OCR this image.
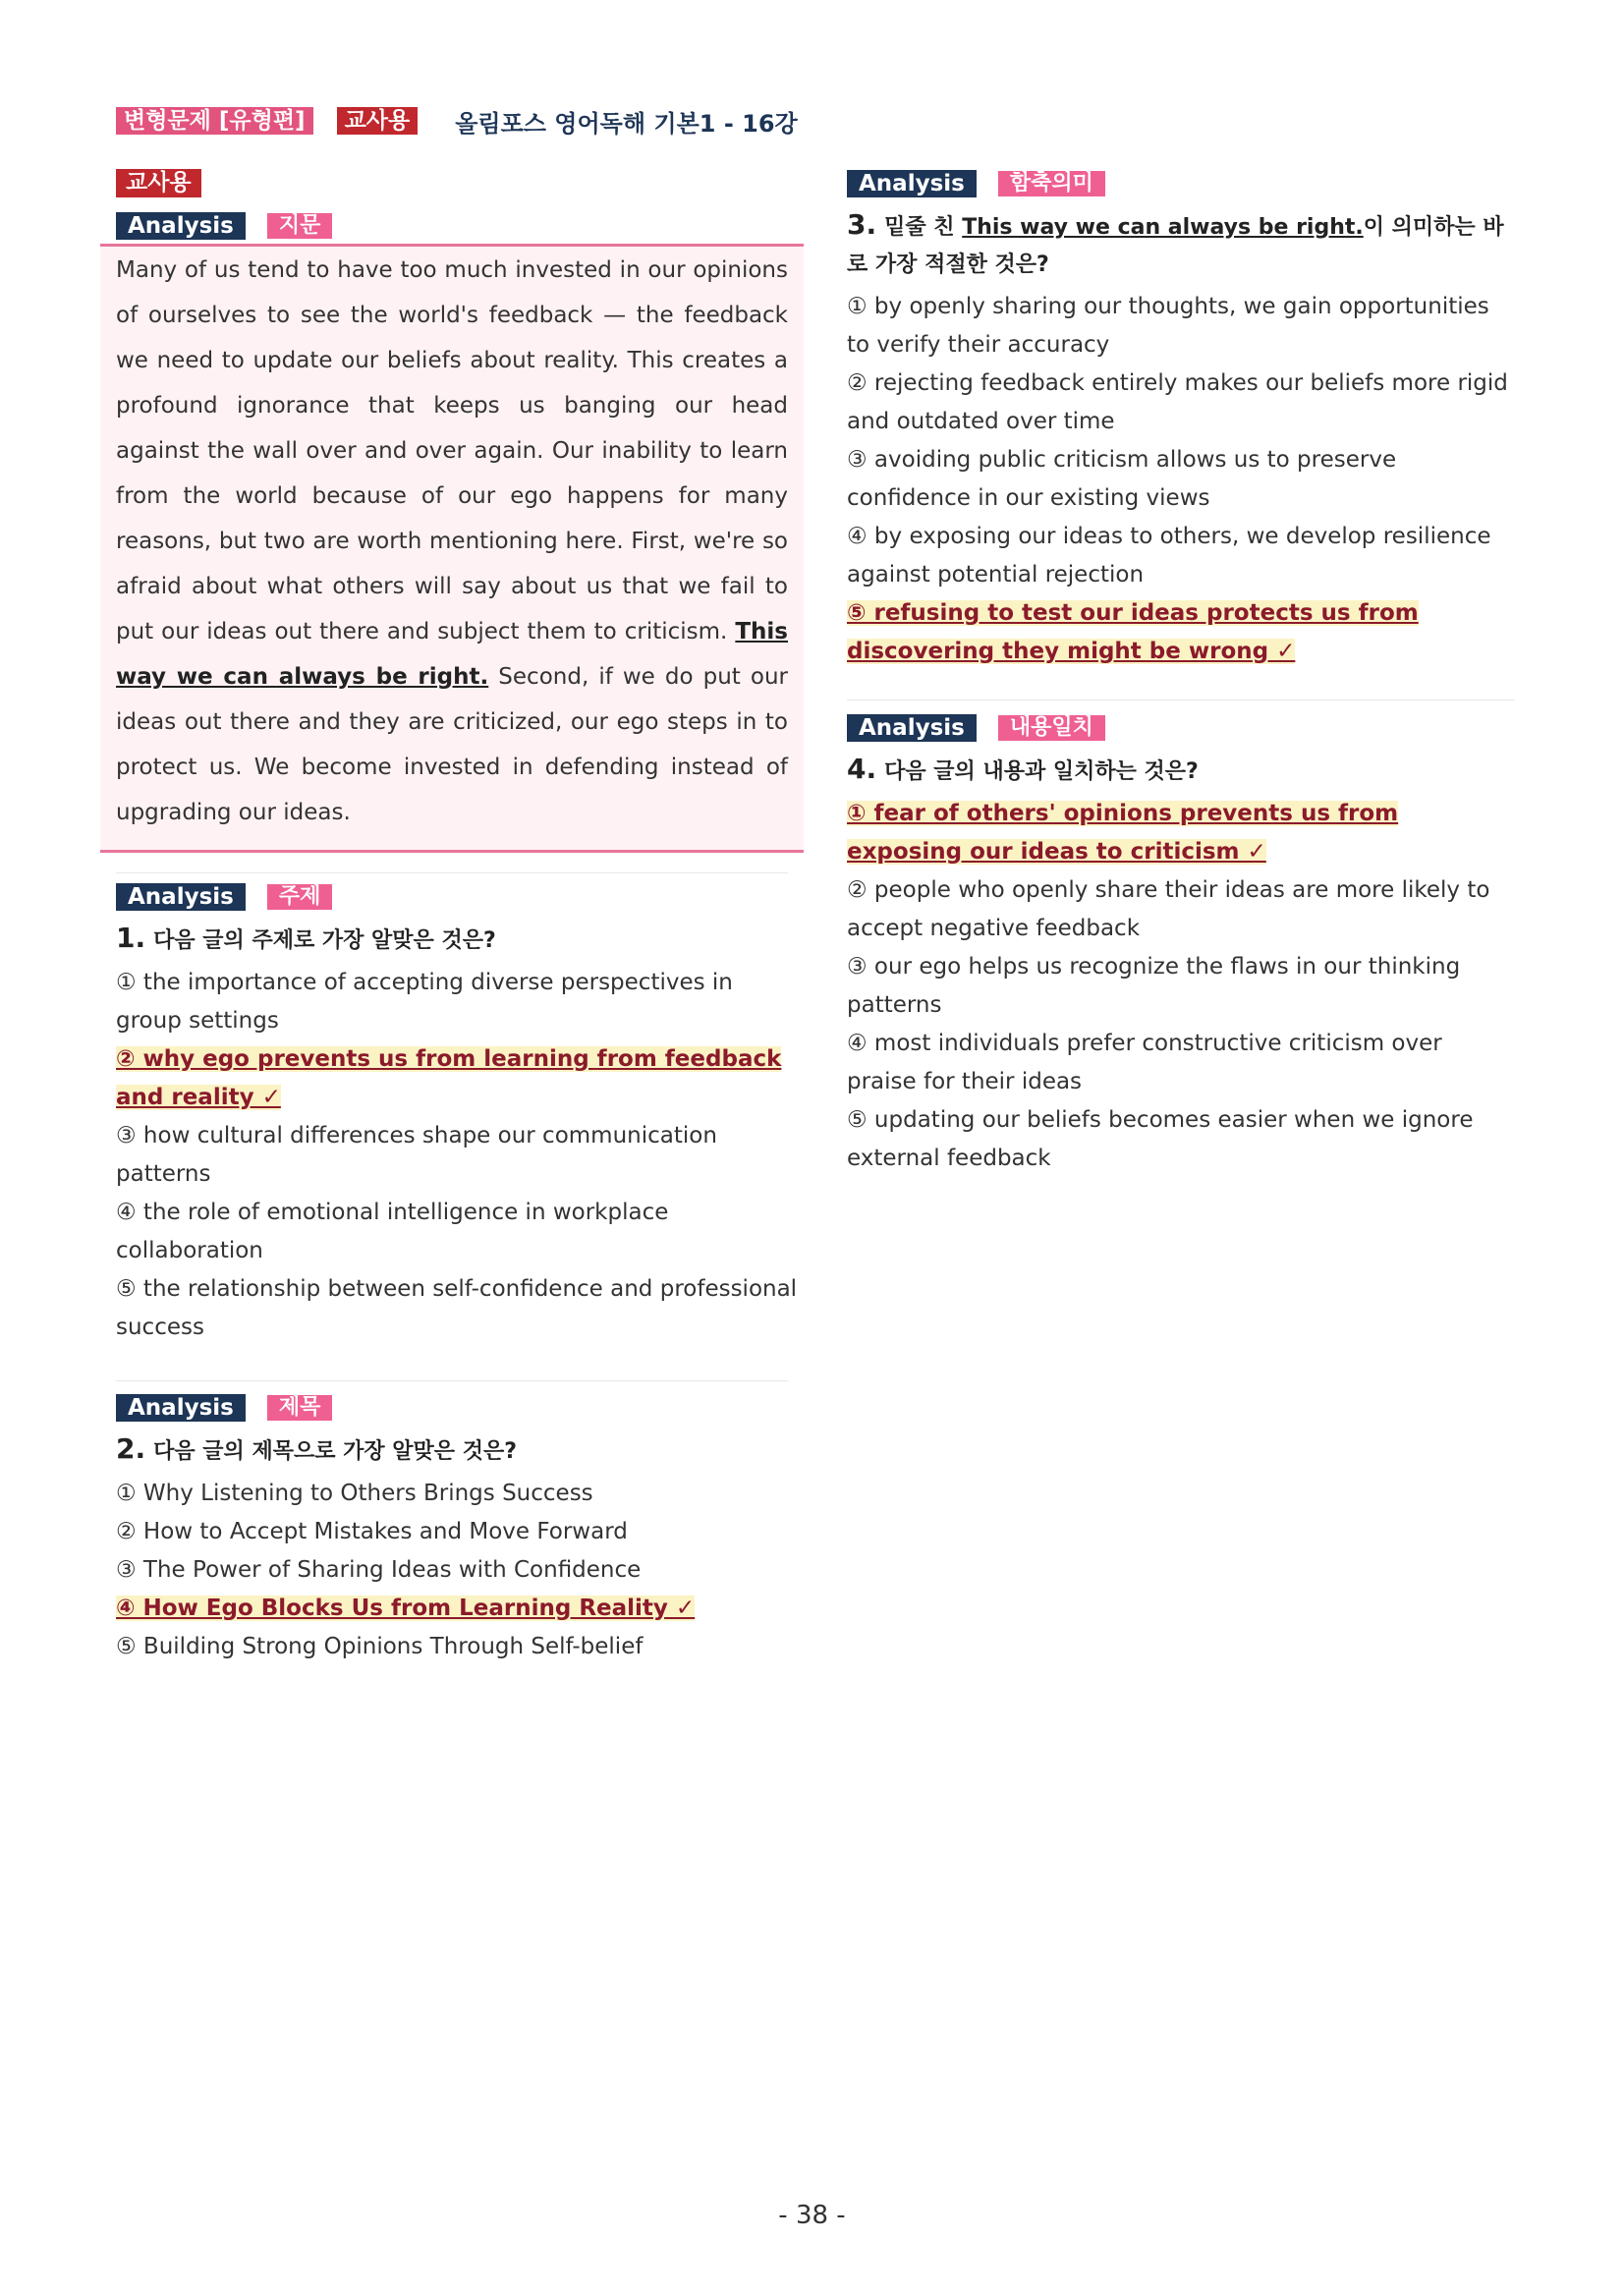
변형문제 [유형편]	교사용	올림포스 영어독해 기본1 - 16강
교사용
Analysis	지문

Many of us tend to have too much invested in our opinions of ourselves to see the world's feedback — the feedback we need to update our beliefs about reality. This creates a profound ignorance that keeps us banging our head against the wall over and over again. Our inability to learn from the world because of our ego happens for many reasons, but two are worth mentioning here. First, we're so afraid about what others will say about us that we fail to put our ideas out there and subject them to criticism. This way we can always be right. Second, if we do put our ideas out there and they are criticized, our ego steps in to protect us. We become invested in defending instead of upgrading our ideas.

Analysis	주제
1. 다음 글의 주제로 가장 알맞은 것은?
① the importance of accepting diverse perspectives in group settings
② why ego prevents us from learning from feedback and reality ✓
③ how cultural differences shape our communication patterns
④ the role of emotional intelligence in workplace collaboration
⑤ the relationship between self-confidence and professional success
Analysis	제목
2. 다음 글의 제목으로 가장 알맞은 것은?
① Why Listening to Others Brings Success
② How to Accept Mistakes and Move Forward
③ The Power of Sharing Ideas with Confidence
④ How Ego Blocks Us from Learning Reality ✓
⑤ Building Strong Opinions Through Self-belief
Analysis	함축의미
3. 밑줄 친 This way we can always be right.이 의미하는 바로 가장 적절한 것은?
① by openly sharing our thoughts, we gain opportunities to verify their accuracy
② rejecting feedback entirely makes our beliefs more rigid and outdated over time
③ avoiding public criticism allows us to preserve confidence in our existing views
④ by exposing our ideas to others, we develop resilience against potential rejection
⑤ refusing to test our ideas protects us from discovering they might be wrong ✓
Analysis	내용일치
4. 다음 글의 내용과 일치하는 것은?
① fear of others' opinions prevents us from exposing our ideas to criticism ✓
② people who openly share their ideas are more likely to accept negative feedback
③ our ego helps us recognize the flaws in our thinking patterns
④ most individuals prefer constructive criticism over praise for their ideas
⑤ updating our beliefs becomes easier when we ignore external feedback
- 38 -
